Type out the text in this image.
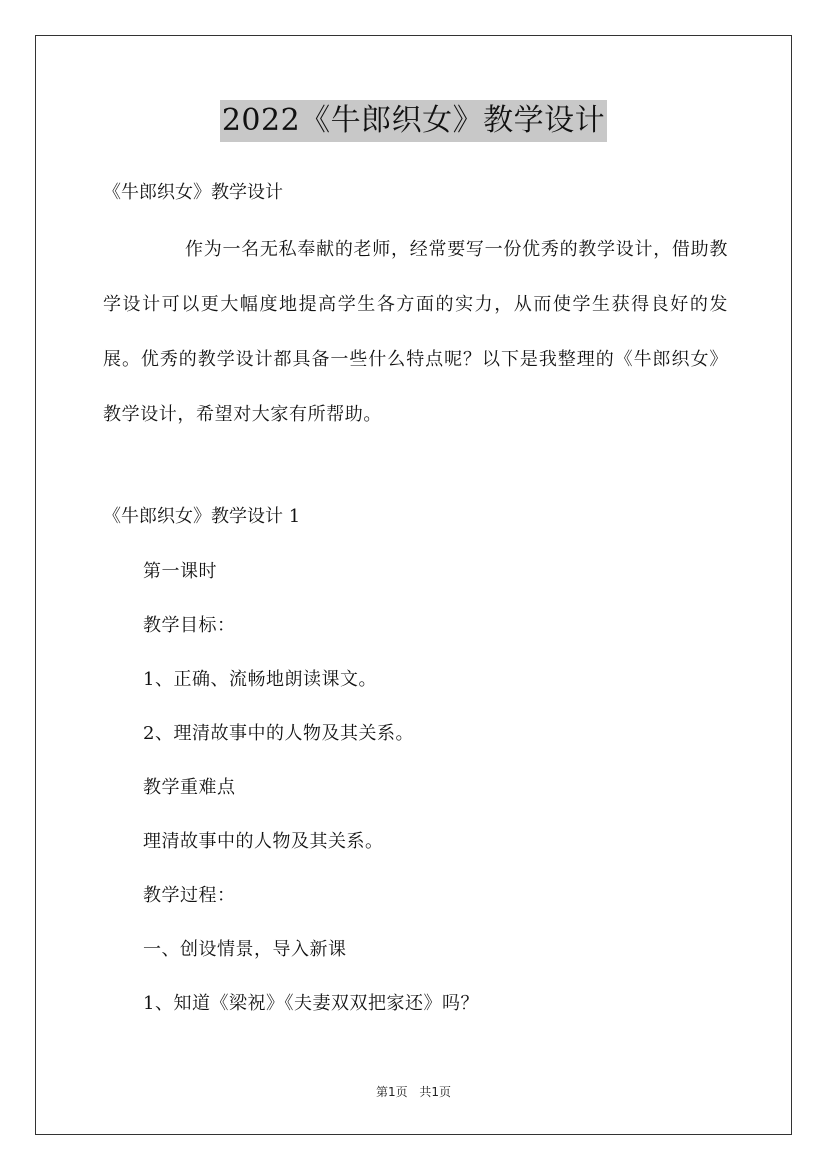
2022《牛郎织女》教学设计
《牛郎织女》教学设计

作为一名无私奉献的老师，经常要写一份优秀的教学设计，借助教学设计可以更大幅度地提高学生各方面的实力，从而使学生获得良好的发展。优秀的教学设计都具备一些什么特点呢？以下是我整理的《牛郎织女》教学设计，希望对大家有所帮助。

《牛郎织女》教学设计 1
第一课时
教学目标：
1、正确、流畅地朗读课文。
2、理清故事中的人物及其关系。
教学重难点
理清故事中的人物及其关系。
教学过程：
一、创设情景，导入新课
1、知道《梁祝》《夫妻双双把家还》吗？
第1页 共1页
